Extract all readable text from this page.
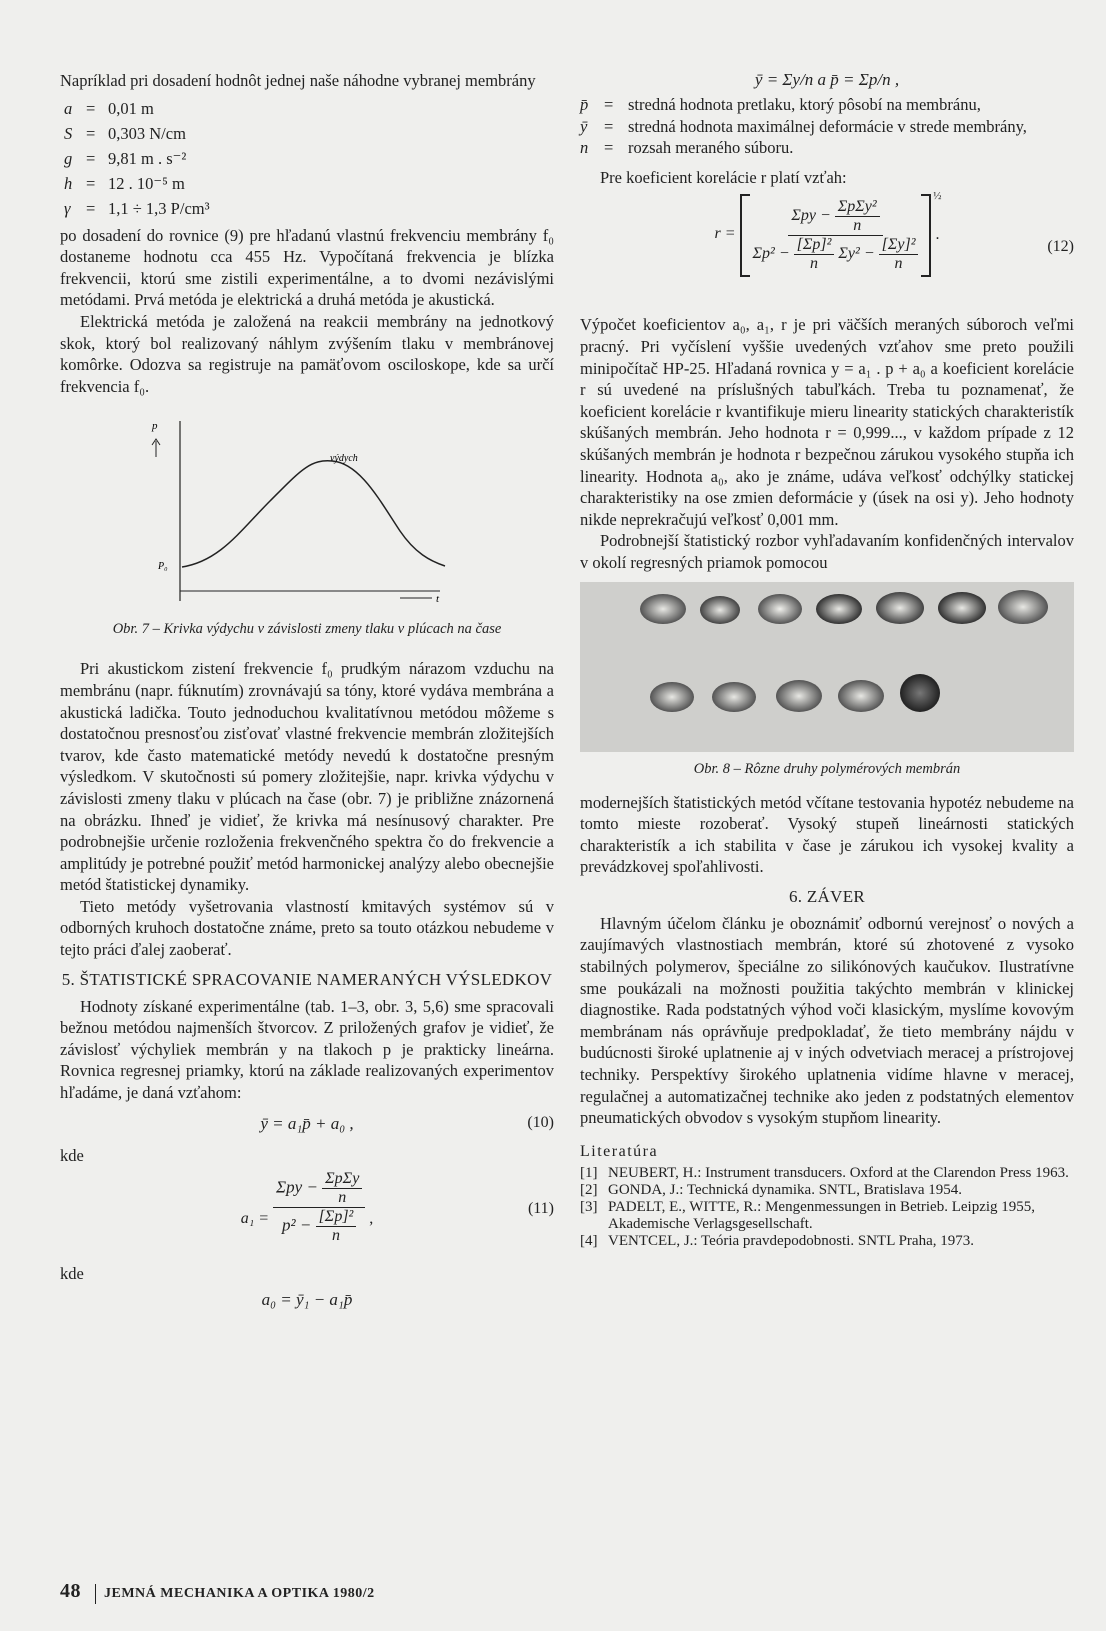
Napríklad pri dosadení hodnôt jednej naše náhodne vybranej membrány

a = 0,01 m
S = 0,303 N/cm
g = 9,81 m . s⁻²
h = 12 . 10⁻⁵ m
γ = 1,1 ÷ 1,3 P/cm³

po dosadení do rovnice (9) pre hľadanú vlastnú frekvenciu membrány f₀ dostaneme hodnotu cca 455 Hz. Vypočítaná frekvencia je blízka frekvencii, ktorú sme zistili experimentálne, a to dvomi nezávislými metódami. Prvá metóda je elektrická a druhá metóda je akustická.

Elektrická metóda je založená na reakcii membrány na jednotkový skok, ktorý bol realizovaný náhlym zvýšením tlaku v membránovej komôrke. Odozva sa registruje na pamäťovom osciloskope, kde sa určí frekvencia f₀.

p
t
P₀
výdych
Obr. 7 – Krivka výdychu v závislosti zmeny tlaku v plúcach na čase

Pri akustickom zistení frekvencie f₀ prudkým nárazom vzduchu na membránu (napr. fúknutím) zrovnávajú sa tóny, ktoré vydáva membrána a akustická ladička. Touto jednoduchou kvalitatívnou metódou môžeme s dostatočnou presnosťou zisťovať vlastné frekvencie membrán zložitejších tvarov, kde často matematické metódy nevedú k dostatočne presným výsledkom. V skutočnosti sú pomery zložitejšie, napr. krivka výdychu v závislosti zmeny tlaku v plúcach na čase (obr. 7) je približne znázornená na obrázku. Ihneď je vidieť, že krivka má nesínusový charakter. Pre podrobnejšie určenie rozloženia frekvenčného spektra čo do frekvencie a amplitúdy je potrebné použiť metód harmonickej analýzy alebo obecnejšie metód štatistickej dynamiky.

Tieto metódy vyšetrovania vlastností kmitavých systémov sú v odborných kruhoch dostatočne známe, preto sa touto otázkou nebudeme v tejto práci ďalej zaoberať.

5. ŠTATISTICKÉ SPRACOVANIE NAMERANÝCH VÝSLEDKOV

Hodnoty získané experimentálne (tab. 1–3, obr. 3, 5,6) sme spracovali bežnou metódou najmenších štvorcov. Z priložených grafov je vidieť, že závislosť výchyliek membrán y na tlakoch p je prakticky lineárna. Rovnica regresnej priamky, ktorú na základe realizovaných experimentov hľadáme, je daná vzťahom:

ȳ = a₁p̄ + a₀ ,	(10)
kde
$a_1 = \frac{\Sigma py - \frac{\text{ΣpΣy}}{n}}{p^2 - \frac{\text{[Σp]²}}{n}}$ ,
(11)
kde
a₀ = ȳ₁ − a₁p̄
ȳ = Σy/n a p̄ = Σp/n ,
p̄ = stredná hodnota pretlaku, ktorý pôsobí na membránu,
ȳ	= stredná hodnota maximálnej deformácie v strede membrány,
n = rozsah meraného súboru.

Pre koeficient korelácie r platí vzťah:

$r = \frac{\Sigma py - \frac{\text{ΣpΣy²}}{n}}{\Sigma p^2 - \frac{\text{[Σp]²}}{n} \Sigma y^2 - \frac{\text{[Σy]²}}{n}}$
½
.
(12)

Výpočet koeficientov a₀, a₁, r je pri väčších meraných súboroch veľmi pracný. Pri vyčíslení vyššie uvedených vzťahov sme preto použili minipočítač HP-25. Hľadaná rovnica y = a₁ . p + a₀ a koeficient korelácie r sú uvedené na príslušných tabuľkách. Treba tu poznamenať, že koeficient korelácie r kvantifikuje mieru linearity statických charakteristík skúšaných membrán. Jeho hodnota r = 0,999..., v každom prípade z 12 skúšaných membrán je hodnota r bezpečnou zárukou vysokého stupňa ich linearity. Hodnota a₀, ako je známe, udáva veľkosť odchýlky statickej charakteristiky na ose zmien deformácie y (úsek na osi y). Jeho hodnoty nikde neprekračujú veľkosť 0,001 mm.

Podrobnejší štatistický rozbor vyhľadavaním konfidenčných intervalov v okolí regresných priamok pomocou

Obr. 8 – Rôzne druhy polymérových membrán

modernejších štatistických metód včítane testovania hypotéz nebudeme na tomto mieste rozoberať. Vysoký stupeň lineárnosti statických charakteristík a ich stabilita v čase je zárukou ich vysokej kvality a prevádzkovej spoľahlivosti.

6. ZÁVER

Hlavným účelom článku je oboznámiť odbornú verejnosť o nových a zaujímavých vlastnostiach membrán, ktoré sú zhotovené z vysoko stabilných polymerov, špeciálne zo silikónových kaučukov. Ilustratívne sme poukázali na možnosti použitia takýchto membrán v klinickej diagnostike. Rada podstatných výhod voči klasickým, myslíme kovovým membránam nás oprávňuje predpokladať, že tieto membrány nájdu v budúcnosti široké uplatnenie aj v iných odvetviach meracej a prístrojovej techniky. Perspektívy širokého uplatnenia vidíme hlavne v meracej, regulačnej a automatizačnej technike ako jeden z podstatných elementov pneumatických obvodov s vysokým stupňom linearity.

Literatúra
[1] NEUBERT, H.: Instrument transducers. Oxford at the Clarendon Press 1963.
[2] GONDA, J.: Technická dynamika. SNTL, Bratislava 1954.
[3] PADELT, E., WITTE, R.: Mengenmessungen in Betrieb. Leipzig 1955, Akademische Verlagsgesellschaft.
[4] VENTCEL, J.: Teória pravdepodobnosti. SNTL Praha, 1973.
48 JEMNÁ MECHANIKA A OPTIKA 1980/2
